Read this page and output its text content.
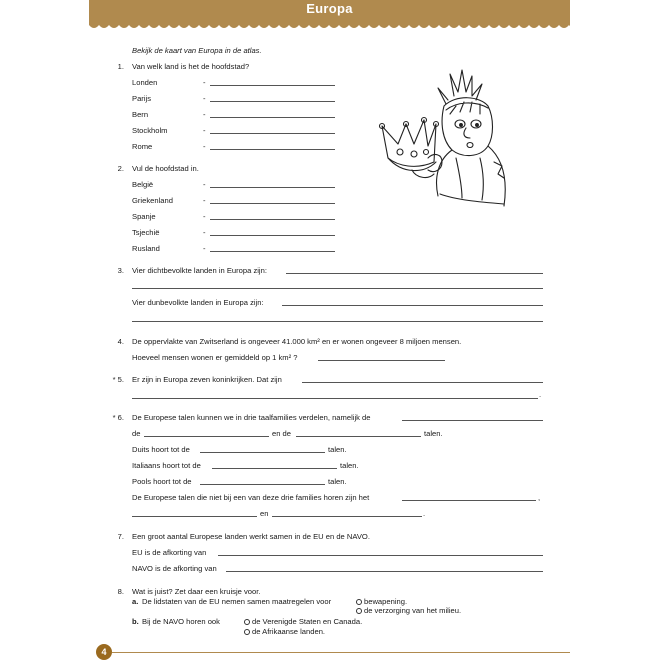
Europa
Bekijk de kaart van Europa in de atlas.
1. Van welk land is het de hoofdstad?
Londen	-
Parijs	-
Bern	-
Stockholm	-
Rome	-
2. Vul de hoofdstad in.
België	-
Griekenland	-
Spanje	-
Tsjechië	-
Rusland	-
3. Vier dichtbevolkte landen in Europa zijn:
Vier dunbevolkte landen in Europa zijn:
4. De oppervlakte van Zwitserland is ongeveer 41.000 km² en er wonen ongeveer 8 miljoen mensen.
Hoeveel mensen wonen er gemiddeld op 1 km² ?
* 5. Er zijn in Europa zeven koninkrijken. Dat zijn
.
* 6. De Europese talen kunnen we in drie taalfamilies verdelen, namelijk de
de	en de	talen.
Duits hoort tot de	talen.
Italiaans hoort tot de	talen.
Pools hoort tot de	talen.
De Europese talen die niet bij een van deze drie families horen zijn het	,
en	.
7. Een groot aantal Europese landen werkt samen in de EU en de NAVO.
EU is de afkorting van
NAVO is de afkorting van
8. Wat is juist? Zet daar een kruisje voor.
a. De lidstaten van de EU nemen samen maatregelen voor	bewapening.
de verzorging van het milieu.
b. Bij de NAVO horen ook	de Verenigde Staten en Canada.
de Afrikaanse landen.
4
